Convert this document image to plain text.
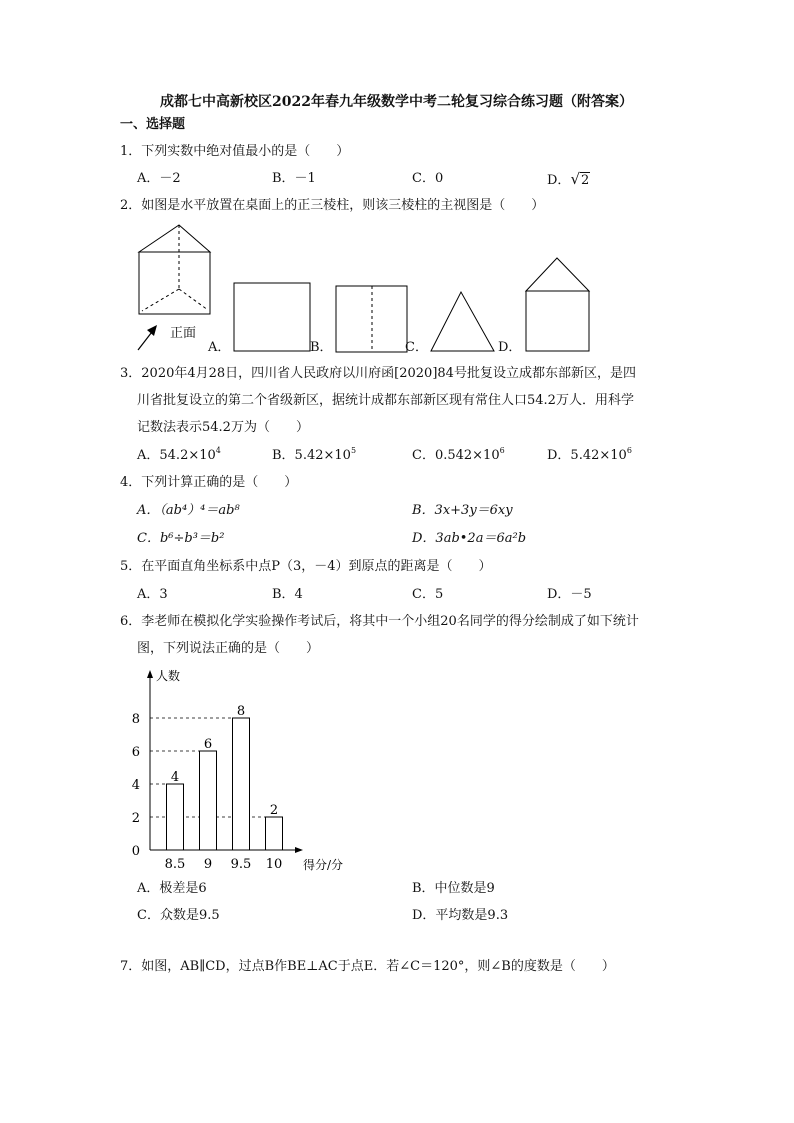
成都七中高新校区2022年春九年级数学中考二轮复习综合练习题（附答案）
一、选择题
1．下列实数中绝对值最小的是（　　）
A．－2	B．－1	C．0	D．√2
2．如图是水平放置在桌面上的正三棱柱，则该三棱柱的主视图是（　　）
正面
A．	B．	C．	D．
3．2020年4月28日，四川省人民政府以川府函[2020]84号批复设立成都东部新区，是四
川省批复设立的第二个省级新区，据统计成都东部新区现有常住人口54.2万人．用科学
记数法表示54.2万为（　　）
A．$54.2\times 10^4$	B．$5.42\times 10^5$	C．$0.542\times 10^6$	D．$5.42\times 10^6$
4．下列计算正确的是（　　）
A．（ab⁴）⁴＝ab⁸	B．3x+3y＝6xy
C．b⁶÷b³＝b²	D．3ab•2a＝6a²b
5．在平面直角坐标系中点P（3，－4）到原点的距离是（　　）
A．3	B．4	C．5	D．－5
6．李老师在模拟化学实验操作考试后，将其中一个小组20名同学的得分绘制成了如下统计
图，下列说法正确的是（　　）
人数
得分/分
0
2
4
6
8
8.5 9 9.5 10
4
6
8
2
A．极差是6	B．中位数是9
C．众数是9.5	D．平均数是9.3
7．如图，AB∥CD，过点B作BE⊥AC于点E．若∠C＝120°，则∠B的度数是（　　）
